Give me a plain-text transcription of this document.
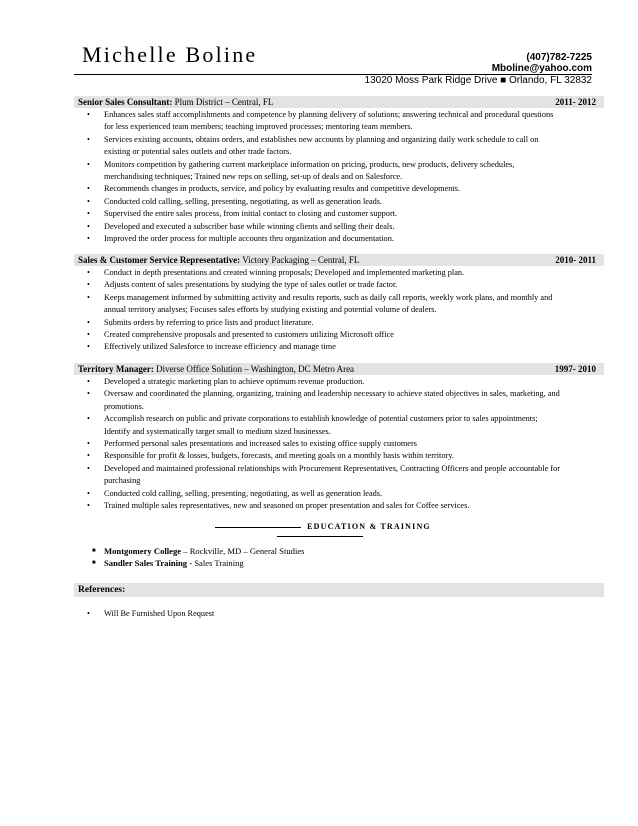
Michelle Boline	(407)782-7225
Mboline@yahoo.com
13020 Moss Park Ridge Drive ■ Orlando, FL 32832
Senior Sales Consultant: Plum District – Central, FL	2011- 2012
• Enhances sales staff accomplishments and competence by planning delivery of solutions; answering technical and procedural questions for less experienced team members; teaching improved processes; mentoring team members.
• Services existing accounts, obtains orders, and establishes new accounts by planning and organizing daily work schedule to call on existing or potential sales outlets and other trade factors.
• Monitors competition by gathering current marketplace information on pricing, products, new products, delivery schedules, merchandising techniques; Trained new reps on selling, set-up of deals and on Salesforce.
• Recommends changes in products, service, and policy by evaluating results and competitive developments.
• Conducted cold calling, selling, presenting, negotiating, as well as generation leads.
• Supervised the entire sales process, from initial contact to closing and customer support.
• Developed and executed a subscriber base while winning clients and selling their deals.
• Improved the order process for multiple accounts thru organization and documentation.
Sales & Customer Service Representative: Victory Packaging – Central, FL	2010- 2011
• Conduct in depth presentations and created winning proposals; Developed and implemented marketing plan.
• Adjusts content of sales presentations by studying the type of sales outlet or trade factor.
• Keeps management informed by submitting activity and results reports, such as daily call reports, weekly work plans, and monthly and annual territory analyses; Focuses sales efforts by studying existing and potential volume of dealers.
• Submits orders by referring to price lists and product literature.
• Created comprehensive proposals and presented to customers utilizing Microsoft office
• Effectively utilized Salesforce to increase efficiency and manage time
Territory Manager: Diverse Office Solution – Washington, DC Metro Area	1997- 2010
• Developed a strategic marketing plan to achieve optimum revenue production.
• Oversaw and coordinated the planning, organizing, training and leadership necessary to achieve stated objectives in sales, marketing, and promotions.
• Accomplish research on public and private corporations to establish knowledge of potential customers prior to sales appointments; Identify and systematically target small to medium sized businesses.
• Performed personal sales presentations and increased sales to existing office supply customers
• Responsible for profit & losses, budgets, forecasts, and meeting goals on a monthly basis within territory.
• Developed and maintained professional relationships with Procurement Representatives, Contracting Officers and people accountable for purchasing
• Conducted cold calling, selling, presenting, negotiating, as well as generation leads.
• Trained multiple sales representatives, new and seasoned on proper presentation and sales for Coffee services.
EDUCATION & TRAINING
■ Montgomery College – Rockville, MD – General Studies
■ Sandler Sales Training - Sales Training
References:
• Will Be Furnished Upon Request
